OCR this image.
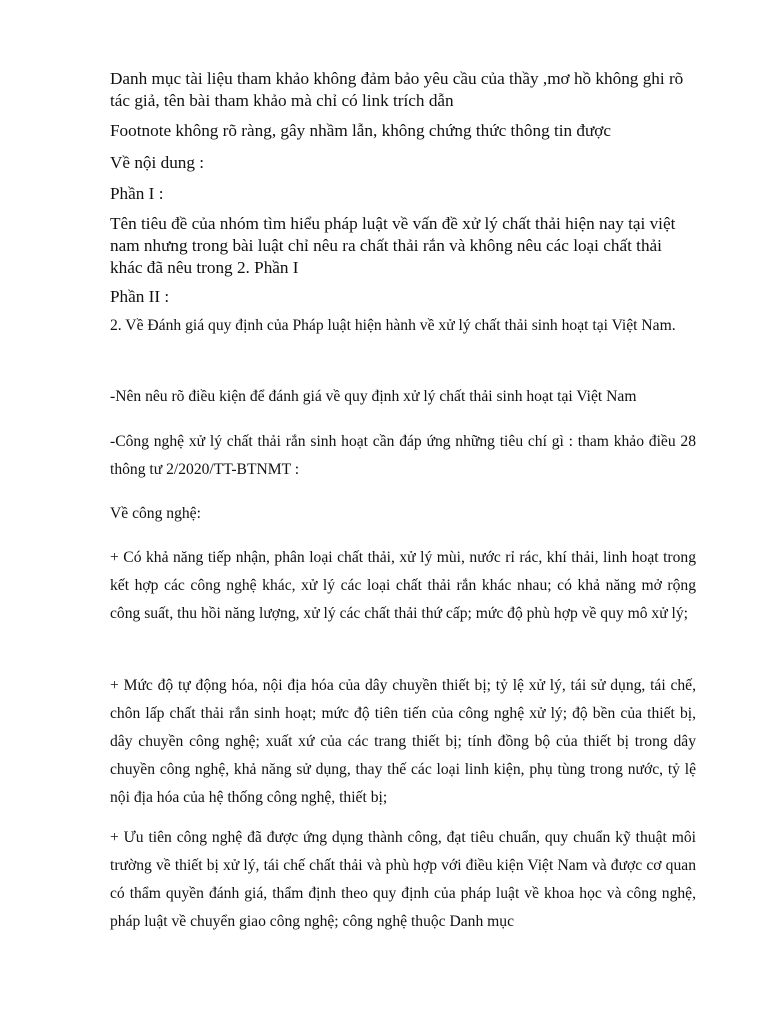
Danh mục tài liệu tham khảo không đảm bảo yêu cầu của thầy ,mơ hồ không ghi rõ tác giả, tên bài tham khảo mà chỉ có link trích dẫn

Footnote không rõ ràng, gây nhầm lẫn, không chứng thức thông tin được

Về nội dung :

Phần I :

Tên tiêu đề của nhóm tìm hiểu pháp luật về vấn đề xử lý chất thải hiện nay tại việt nam nhưng trong bài luật chỉ nêu ra chất thải rắn và không nêu các loại chất thải khác đã nêu trong 2. Phần I

Phần II :

2. Về Đánh giá quy định của Pháp luật hiện hành về xử lý chất thải sinh hoạt tại Việt Nam.

-Nên nêu rõ điều kiện để đánh giá về quy định xử lý chất thải sinh hoạt tại Việt Nam

-Công nghệ xử lý chất thải rắn sinh hoạt cần đáp ứng những tiêu chí gì : tham khảo điều 28 thông tư 2/2020/TT-BTNMT :

Về công nghệ:

+ Có khả năng tiếp nhận, phân loại chất thải, xử lý mùi, nước rỉ rác, khí thải, linh hoạt trong kết hợp các công nghệ khác, xử lý các loại chất thải rắn khác nhau; có khả năng mở rộng công suất, thu hồi năng lượng, xử lý các chất thải thứ cấp; mức độ phù hợp về quy mô xử lý;

+ Mức độ tự động hóa, nội địa hóa của dây chuyền thiết bị; tỷ lệ xử lý, tái sử dụng, tái chế, chôn lấp chất thải rắn sinh hoạt; mức độ tiên tiến của công nghệ xử lý; độ bền của thiết bị, dây chuyền công nghệ; xuất xứ của các trang thiết bị; tính đồng bộ của thiết bị trong dây chuyền công nghệ, khả năng sử dụng, thay thế các loại linh kiện, phụ tùng trong nước, tỷ lệ nội địa hóa của hệ thống công nghệ, thiết bị;

+ Ưu tiên công nghệ đã được ứng dụng thành công, đạt tiêu chuẩn, quy chuẩn kỹ thuật môi trường về thiết bị xử lý, tái chế chất thải và phù hợp với điều kiện Việt Nam và được cơ quan có thẩm quyền đánh giá, thẩm định theo quy định của pháp luật về khoa học và công nghệ, pháp luật về chuyển giao công nghệ; công nghệ thuộc Danh mục
